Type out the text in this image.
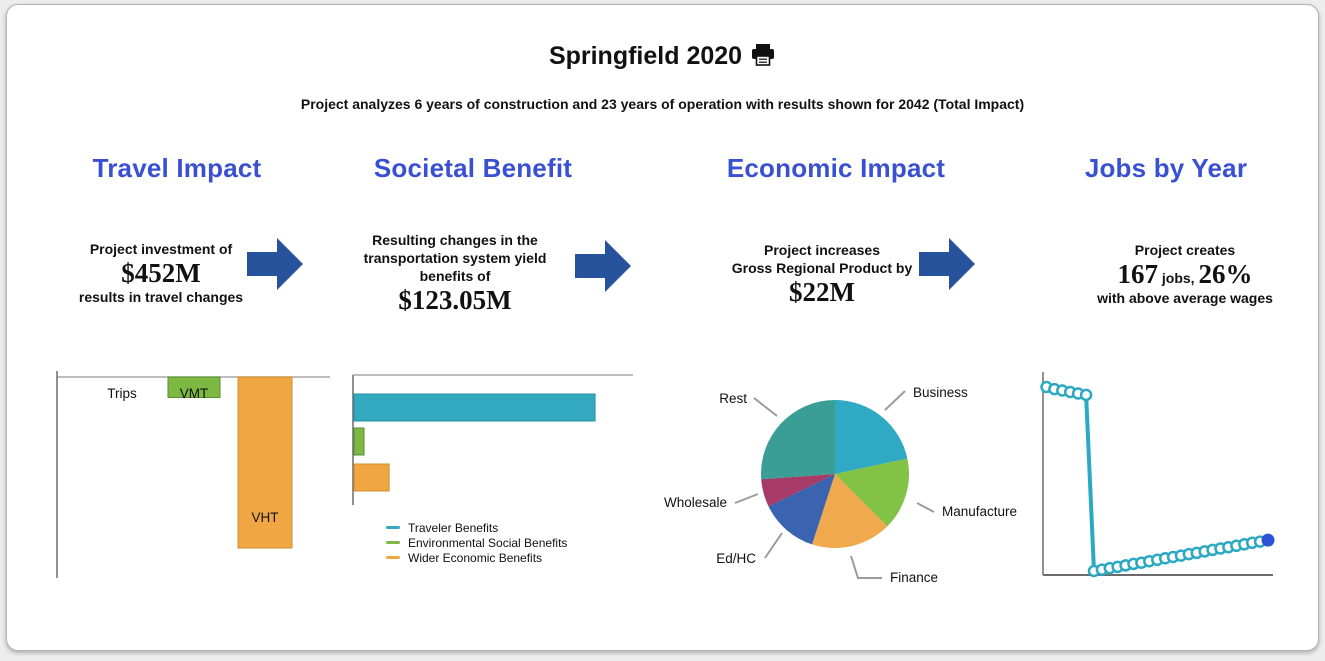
Springfield 2020
Project analyzes 6 years of construction and 23 years of operation with results shown for 2042 (Total Impact)
Travel Impact	Societal Benefit	Economic Impact	Jobs by Year
Project investment of
$452M
results in travel changes
Resulting changes in the
transportation system yield
benefits of
$123.05M
Project increases
Gross Regional Product by
$22M
Project creates
167 jobs, 26%
with above average wages
Trips	VMT
VHT
Traveler Benefits
Environmental Social Benefits
Wider Economic Benefits
Business
Manufacture
Finance
Ed/HC
Wholesale
Rest
